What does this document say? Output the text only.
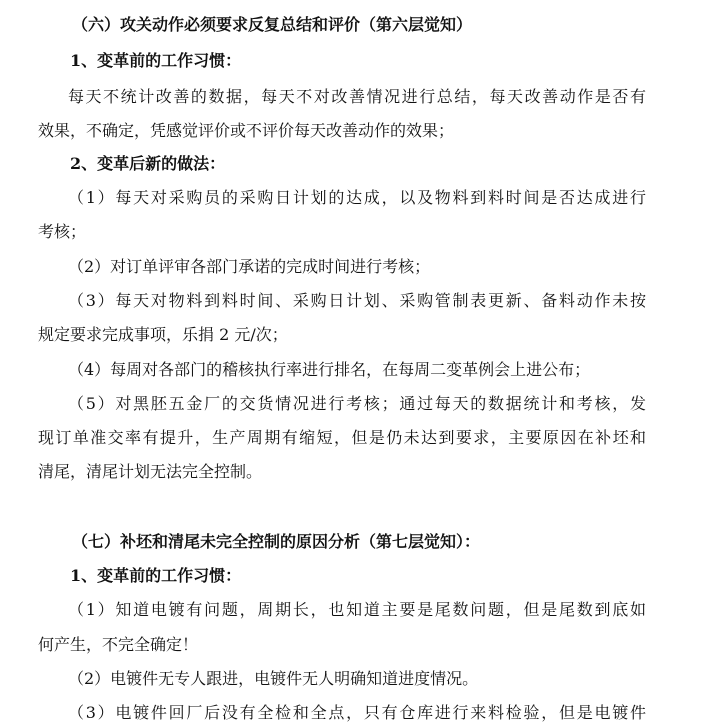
（六）攻关动作必须要求反复总结和评价（第六层觉知）
1、变革前的工作习惯：
每天不统计改善的数据，每天不对改善情况进行总结，每天改善动作是否有
效果，不确定，凭感觉评价或不评价每天改善动作的效果；
2、变革后新的做法：
（1）每天对采购员的采购日计划的达成，以及物料到料时间是否达成进行
考核；
（2）对订单评审各部门承诺的完成时间进行考核；
（3）每天对物料到料时间、采购日计划、采购管制表更新、备料动作未按
规定要求完成事项，乐捐 2 元/次；
（4）每周对各部门的稽核执行率进行排名，在每周二变革例会上进公布；
（5）对黑胚五金厂的交货情况进行考核；通过每天的数据统计和考核，发
现订单准交率有提升，生产周期有缩短，但是仍未达到要求，主要原因在补坯和
清尾，清尾计划无法完全控制。
（七）补坯和清尾未完全控制的原因分析（第七层觉知）：
1、变革前的工作习惯：
（1）知道电镀有问题，周期长，也知道主要是尾数问题，但是尾数到底如
何产生，不完全确定！
（2）电镀件无专人跟进，电镀件无人明确知道进度情况。
（3）电镀件回厂后没有全检和全点，只有仓库进行来料检验，但是电镀件
